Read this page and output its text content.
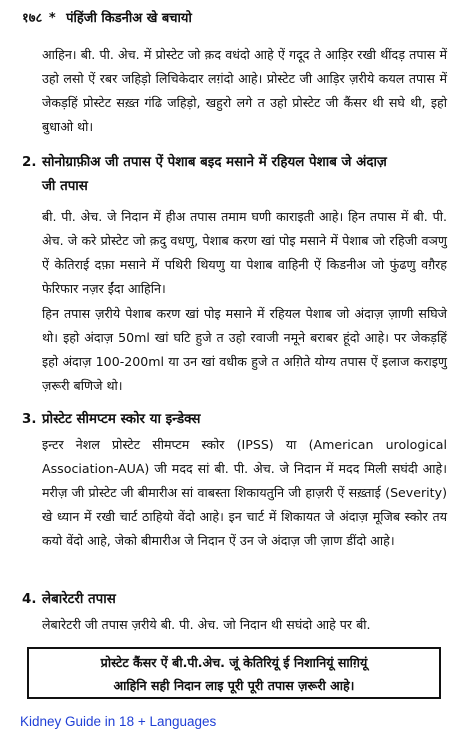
१७८ * पंहिंजी किडनीअ खे बचायो
आहिन। बी. पी. अेच. में प्रोस्टेट जो क़द वधंदो आहे ऐं गदूद ते आड़िर रखी थींदड़ तपास में उहो लसो ऐं रबर जहिड़ो लिचिकेदार लग़ंदो आहे। प्रोस्टेट जी आड़िर ज़रीये कयल तपास में जेकड़हिं प्रोस्टेट सख़्त गंढि जहिड़ो, खहुरो लगे त उहो प्रोस्टेट जी कैंसर थी सघे थी, इहो बुधाओ थो।
2. सोनोग्राफ़ीअ जी तपास ऐं पेशाब बइद मसाने में रहियल पेशाब जे अंदाज़
जी तपास
बी. पी. अेच. जे निदान में हीअ तपास तमाम घणी काराइती आहे। हिन तपास में बी. पी. अेच. जे करे प्रोस्टेट जो क़दु वधणु, पेशाब करण खां पोइ मसाने में पेशाब जो रहिजी वञणु ऐं केतिराई दफ़ा मसाने में पथिरी थियणु या पेशाब वाहिनी ऐं किडनीअ जो फुंढणु वग़ैरह फेरिफार नज़र ईंदा आहिनि।
हिन तपास ज़रीये पेशाब करण खां पोइ मसाने में रहियल पेशाब जो अंदाज़ ज़ाणी सघिजे थो। इहो अंदाज़ 50ml खां घटि हुजे त उहो रवाजी नमूने बराबर हूंदो आहे। पर जेकड़हिं इहो अंदाज़ 100-200ml या उन खां वधीक हुजे त अग़िते योग्य तपास ऐं इलाज कराइणु ज़रूरी बणिजे थो।
3. प्रोस्टेट सीमप्टम स्कोर या इन्डेक्स
इन्टर नेशल प्रोस्टेट सीमप्टम स्कोर (IPSS) या (American urological Association-AUA) जी मदद सां बी. पी. अेच. जे निदान में मदद मिली सघंदी आहे। मरीज़ जी प्रोस्टेट जी बीमारीअ सां वाबस्ता शिकायतुनि जी हाज़री ऐं सख़्ताई (Severity) खे ध्यान में रखी चार्ट ठाहियो वेंदो आहे। इन चार्ट में शिकायत जे अंदाज़ मूजिब स्कोर तय कयो वेंदो आहे, जेको बीमारीअ जे निदान ऐं उन जे अंदाज़ जी ज़ाण डींदो आहे।
4. लेबारेटरी तपास
लेबारेटरी जी तपास ज़रीये बी. पी. अेच. जो निदान थी सघंदो आहे पर बी.
प्रोस्टेट कैंसर ऐं बी.पी.अेच. जूं केतिरियूं ई निशानियूं साग़ियूं
आहिनि सही निदान लाइ पूरी पूरी तपास ज़रूरी आहे।
Kidney Guide in 18 + Languages
